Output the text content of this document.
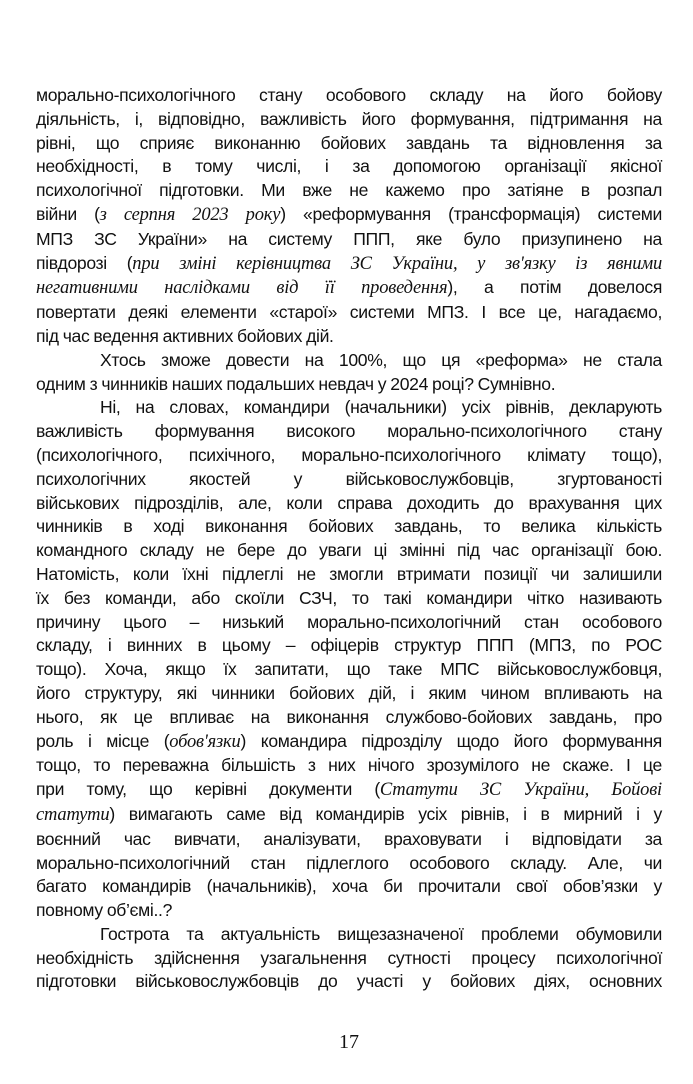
морально-психологічного стану особового складу на його бойову
діяльність, і, відповідно, важливість його формування, підтримання на
рівні, що сприяє виконанню бойових завдань та відновлення за
необхідності, в тому числі, і за допомогою організації якісної
психологічної підготовки. Ми вже не кажемо про затіяне в розпал
війни (з серпня 2023 року) «реформування (трансформація) системи
МПЗ ЗС України» на систему ППП, яке було призупинено на
півдорозі (при зміні керівництва ЗС України, у зв'язку із явними
негативними наслідками від її проведення), а потім довелося
повертати деякі елементи «старої» системи МПЗ. І все це, нагадаємо,
під час ведення активних бойових дій.
Хтось зможе довести на 100%, що ця «реформа» не стала
одним з чинників наших подальших невдач у 2024 році? Сумнівно.
Ні, на словах, командири (начальники) усіх рівнів, декларують
важливість формування високого морально-психологічного стану
(психологічного, психічного, морально-психологічного клімату тощо),
психологічних якостей у військовослужбовців, згуртованості
військових підрозділів, але, коли справа доходить до врахування цих
чинників в ході виконання бойових завдань, то велика кількість
командного складу не бере до уваги ці змінні під час організації бою.
Натомість, коли їхні підлеглі не змогли втримати позиції чи залишили
їх без команди, або скоїли СЗЧ, то такі командири чітко називають
причину цього – низький морально-психологічний стан особового
складу, і винних в цьому – офіцерів структур ППП (МПЗ, по РОС
тощо). Хоча, якщо їх запитати, що таке МПС військовослужбовця,
його структуру, які чинники бойових дій, і яким чином впливають на
нього, як це впливає на виконання службово-бойових завдань, про
роль і місце (обов'язки) командира підрозділу щодо його формування
тощо, то переважна більшість з них нічого зрозумілого не скаже. І це
при тому, що керівні документи (Статути ЗС України, Бойові
статути) вимагають саме від командирів усіх рівнів, і в мирний і у
воєнний час вивчати, аналізувати, враховувати і відповідати за
морально-психологічний стан підлеглого особового складу. Але, чи
багато командирів (начальників), хоча би прочитали свої обов’язки у
повному об’ємі..?
Гострота та актуальність вищезазначеної проблеми обумовили
необхідність здійснення узагальнення сутності процесу психологічної
підготовки військовослужбовців до участі у бойових діях, основних
17
